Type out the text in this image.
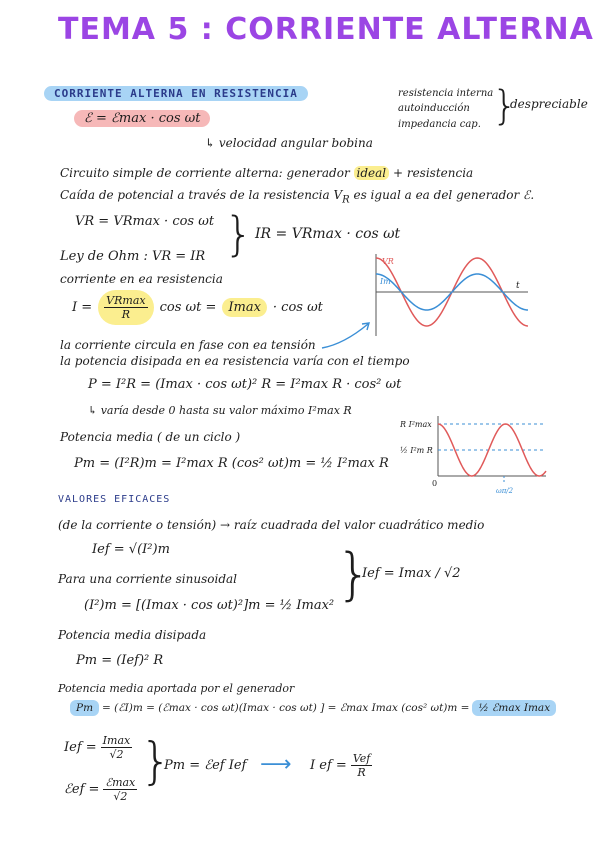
TEMA 5 : CORRIENTE ALTERNA
CORRIENTE ALTERNA EN RESISTENCIA
ℰ = ℰmax · cos ωt
↳ velocidad angular bobina
resistencia interna
autoinducción
impedancia cap. }
despreciable
Circuito simple de corriente alterna: generador ideal + resistencia
Caída de potencial a través de la resistencia $V_R$ es igual a ea del generador ℰ.
VR = VRmax · cos ωt
Ley de Ohm : VR = IR } IR = VRmax · cos ωt
corriente en ea resistencia
$I = \frac{VRmax}{R}$ cos ωt = Imax · cos ωt
VR
Im	t
la corriente circula en fase con ea tensión
la potencia disipada en ea resistencia varía con el tiempo
P = I²R = (Imax · cos ωt)² R = I²max R · cos² ωt
↳ varía desde 0 hasta su valor máximo I²max R
R I²max
½ I²m R
0
ωπ/2
Potencia media ( de un ciclo )
Pm = (I²R)m = I²max R (cos² ωt)m = ½ I²max R
VALORES EFICACES
(de la corriente o tensión) → raíz cuadrada del valor cuadrático medio
Ief = √(I²)m
Para una corriente sinusoidal
(I²)m = [(Imax · cos ωt)²]m = ½ Imax² }
Ief = Imax / √2
Potencia media disipada
Pm = (Ief)² R
Potencia media aportada por el generador
Pm = (ℰI)m = (ℰmax · cos ωt)(Imax · cos ωt) ] = ℰmax Imax (cos² ωt)m = ½ ℰmax Imax
Ief = $\frac{Imax}{√2}$
ℰef = $\frac{\text{ℰmax}}{√2}$ }
Pm = ℰef Ief ⟶ I ef = $\frac{\text{Vef}}{R}$
